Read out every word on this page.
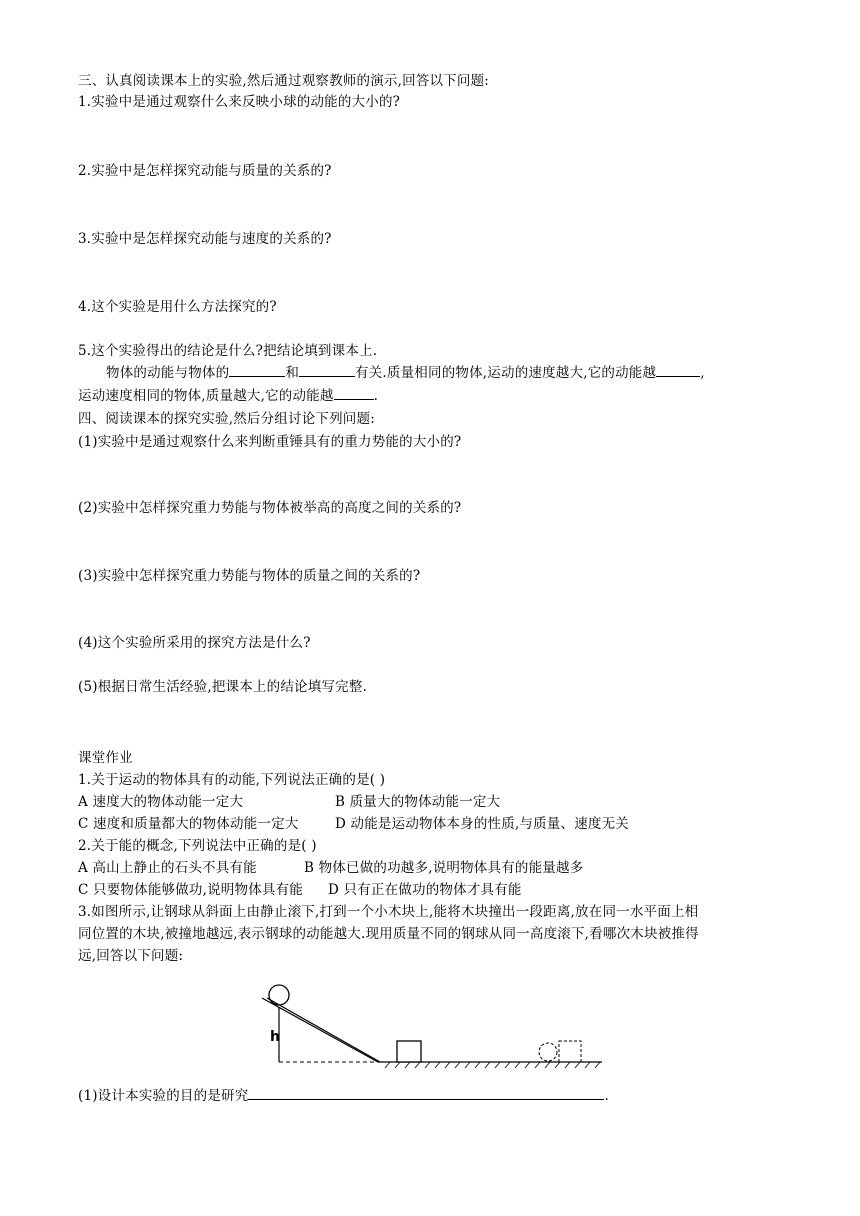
三、认真阅读课本上的实验,然后通过观察教师的演示,回答以下问题:
1.实验中是通过观察什么来反映小球的动能的大小的?
2.实验中是怎样探究动能与质量的关系的?
3.实验中是怎样探究动能与速度的关系的?
4.这个实验是用什么方法探究的?
5.这个实验得出的结论是什么?把结论填到课本上.
物体的动能与物体的	和	有关.质量相同的物体,运动的速度越大,它的动能越	,
运动速度相同的物体,质量越大,它的动能越	.
四、阅读课本的探究实验,然后分组讨论下列问题:
(1)实验中是通过观察什么来判断重锤具有的重力势能的大小的?
(2)实验中怎样探究重力势能与物体被举高的高度之间的关系的?
(3)实验中怎样探究重力势能与物体的质量之间的关系的?
(4)这个实验所采用的探究方法是什么?
(5)根据日常生活经验,把课本上的结论填写完整.
课堂作业
1.关于运动的物体具有的动能,下列说法正确的是( )
A 速度大的物体动能一定大	B 质量大的物体动能一定大
C 速度和质量都大的物体动能一定大	D 动能是运动物体本身的性质,与质量、速度无关
2.关于能的概念,下列说法中正确的是( )
A 高山上静止的石头不具有能	B 物体已做的功越多,说明物体具有的能量越多
C 只要物体能够做功,说明物体具有能 D 只有正在做功的物体才具有能
3.如图所示,让钢球从斜面上由静止滚下,打到一个小木块上,能将木块撞出一段距离,放在同一水平面上相
同位置的木块,被撞地越远,表示钢球的动能越大.现用质量不同的钢球从同一高度滚下,看哪次木块被推得
远,回答以下问题:
h
(1)设计本实验的目的是研究	.
